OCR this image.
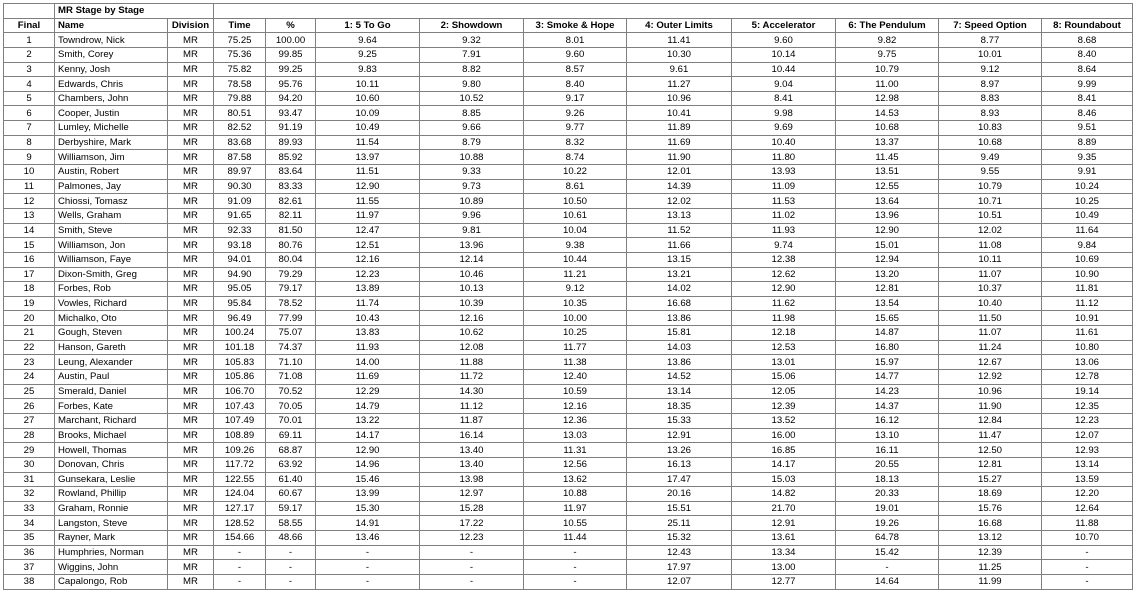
	MR Stage by Stage											
Final	Name	Division	Time	%	1: 5 To Go	2: Showdown	3: Smoke & Hope	4: Outer Limits	5: Accelerator	6: The Pendulum	7: Speed Option	8: Roundabout
1	Towndrow, Nick	MR	75.25	100.00	9.64	9.32	8.01	11.41	9.60	9.82	8.77	8.68
2	Smith, Corey	MR	75.36	99.85	9.25	7.91	9.60	10.30	10.14	9.75	10.01	8.40
3	Kenny, Josh	MR	75.82	99.25	9.83	8.82	8.57	9.61	10.44	10.79	9.12	8.64
4	Edwards, Chris	MR	78.58	95.76	10.11	9.80	8.40	11.27	9.04	11.00	8.97	9.99
5	Chambers, John	MR	79.88	94.20	10.60	10.52	9.17	10.96	8.41	12.98	8.83	8.41
6	Cooper, Justin	MR	80.51	93.47	10.09	8.85	9.26	10.41	9.98	14.53	8.93	8.46
7	Lumley, Michelle	MR	82.52	91.19	10.49	9.66	9.77	11.89	9.69	10.68	10.83	9.51
8	Derbyshire, Mark	MR	83.68	89.93	11.54	8.79	8.32	11.69	10.40	13.37	10.68	8.89
9	Williamson, Jim	MR	87.58	85.92	13.97	10.88	8.74	11.90	11.80	11.45	9.49	9.35
10	Austin, Robert	MR	89.97	83.64	11.51	9.33	10.22	12.01	13.93	13.51	9.55	9.91
11	Palmones, Jay	MR	90.30	83.33	12.90	9.73	8.61	14.39	11.09	12.55	10.79	10.24
12	Chiossi, Tomasz	MR	91.09	82.61	11.55	10.89	10.50	12.02	11.53	13.64	10.71	10.25
13	Wells, Graham	MR	91.65	82.11	11.97	9.96	10.61	13.13	11.02	13.96	10.51	10.49
14	Smith, Steve	MR	92.33	81.50	12.47	9.81	10.04	11.52	11.93	12.90	12.02	11.64
15	Williamson, Jon	MR	93.18	80.76	12.51	13.96	9.38	11.66	9.74	15.01	11.08	9.84
16	Williamson, Faye	MR	94.01	80.04	12.16	12.14	10.44	13.15	12.38	12.94	10.11	10.69
17	Dixon-Smith, Greg	MR	94.90	79.29	12.23	10.46	11.21	13.21	12.62	13.20	11.07	10.90
18	Forbes, Rob	MR	95.05	79.17	13.89	10.13	9.12	14.02	12.90	12.81	10.37	11.81
19	Vowles, Richard	MR	95.84	78.52	11.74	10.39	10.35	16.68	11.62	13.54	10.40	11.12
20	Michalko, Oto	MR	96.49	77.99	10.43	12.16	10.00	13.86	11.98	15.65	11.50	10.91
21	Gough, Steven	MR	100.24	75.07	13.83	10.62	10.25	15.81	12.18	14.87	11.07	11.61
22	Hanson, Gareth	MR	101.18	74.37	11.93	12.08	11.77	14.03	12.53	16.80	11.24	10.80
23	Leung, Alexander	MR	105.83	71.10	14.00	11.88	11.38	13.86	13.01	15.97	12.67	13.06
24	Austin, Paul	MR	105.86	71.08	11.69	11.72	12.40	14.52	15.06	14.77	12.92	12.78
25	Smerald, Daniel	MR	106.70	70.52	12.29	14.30	10.59	13.14	12.05	14.23	10.96	19.14
26	Forbes, Kate	MR	107.43	70.05	14.79	11.12	12.16	18.35	12.39	14.37	11.90	12.35
27	Marchant, Richard	MR	107.49	70.01	13.22	11.87	12.36	15.33	13.52	16.12	12.84	12.23
28	Brooks, Michael	MR	108.89	69.11	14.17	16.14	13.03	12.91	16.00	13.10	11.47	12.07
29	Howell, Thomas	MR	109.26	68.87	12.90	13.40	11.31	13.26	16.85	16.11	12.50	12.93
30	Donovan, Chris	MR	117.72	63.92	14.96	13.40	12.56	16.13	14.17	20.55	12.81	13.14
31	Gunsekara, Leslie	MR	122.55	61.40	15.46	13.98	13.62	17.47	15.03	18.13	15.27	13.59
32	Rowland, Phillip	MR	124.04	60.67	13.99	12.97	10.88	20.16	14.82	20.33	18.69	12.20
33	Graham, Ronnie	MR	127.17	59.17	15.30	15.28	11.97	15.51	21.70	19.01	15.76	12.64
34	Langston, Steve	MR	128.52	58.55	14.91	17.22	10.55	25.11	12.91	19.26	16.68	11.88
35	Rayner, Mark	MR	154.66	48.66	13.46	12.23	11.44	15.32	13.61	64.78	13.12	10.70
36	Humphries, Norman	MR	-	-	-	-	-	12.43	13.34	15.42	12.39	-
37	Wiggins, John	MR	-	-	-	-	-	17.97	13.00	-	11.25	-
38	Capalongo, Rob	MR	-	-	-	-	-	12.07	12.77	14.64	11.99	-
